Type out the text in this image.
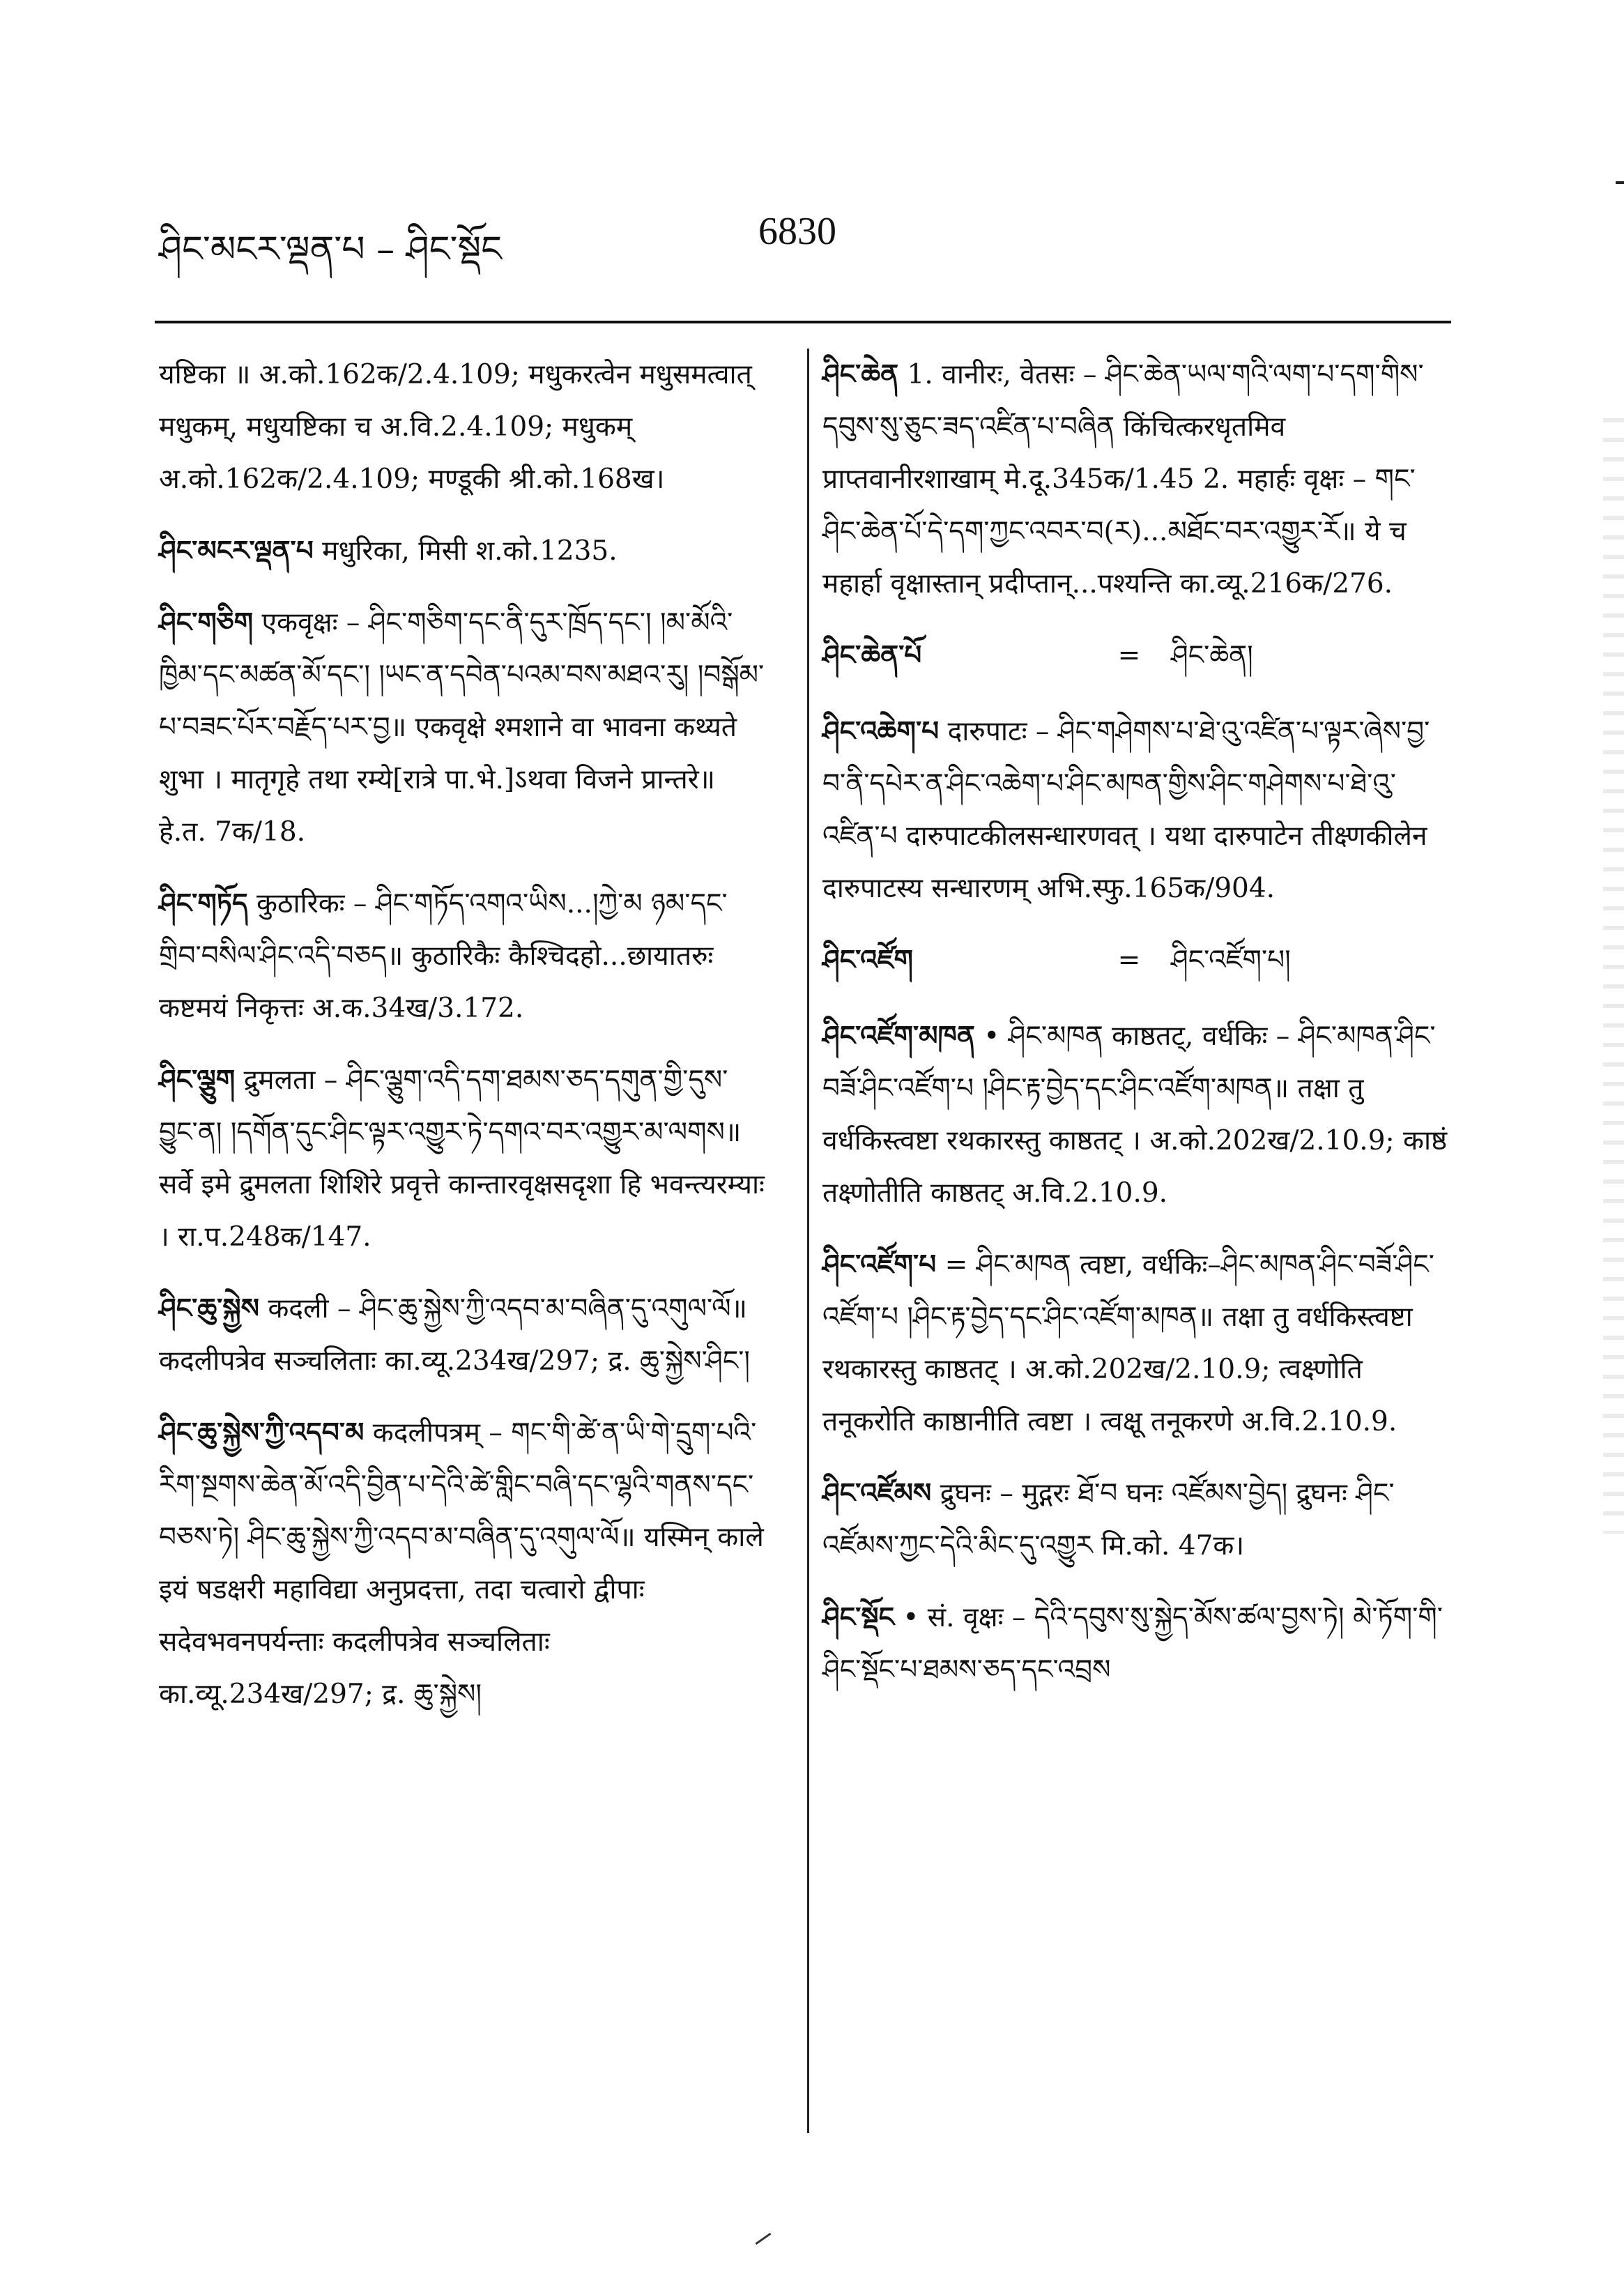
ཤིང་མངར་ལྡན་པ – ཤིང་སྡོང	6830

यष्टिका ॥ अ.को.162क/2.4.109; मधुकरत्वेन मधुसमत्वात् मधुकम्, मधुयष्टिका च अ.वि.2.4.109; मधुकम् अ.को.162क/2.4.109; मण्डूकी श्री.को.168ख।

ཤིང་མངར་ལྡན་པ मधुरिका, मिसी श.को.1235.

ཤིང་གཅིག एकवृक्षः – ཤིང་གཅིག་དང་ནི་དུར་ཁྲོད་དང་། །མ་མོའི་ཁྱིམ་དང་མཚན་མོ་དང་། །ཡང་ན་དབེན་པའམ་བས་མཐའ་རུ། །བསྒོམ་པ་བཟང་པོར་བརྗོད་པར་བྱ॥ एकवृक्षे श्मशाने वा भावना कथ्यते शुभा । मातृगृहे तथा रम्ये[रात्रे पा.भे.]ऽथवा विजने प्रान्तरे॥ हे.त. 7क/18.

ཤིང་གཏོད कुठारिकः – ཤིང་གཏོད་འགའ་ཡིས...།ཀྱེ་མ ཉམ་དང་གྲིབ་བསིལ་ཤིང་འདི་བཅད॥ कुठारिकैः कैश्चिदहो...छायातरुः कष्टमयं निकृत्तः अ.क.34ख/3.172.

ཤིང་ལྕུག द्रुमलता – ཤིང་ལྕུག་འདི་དག་ཐམས་ཅད་དགུན་གྱི་དུས་བྱུང་ན། །དགོན་དུང་ཤིང་ལྟར་འགྱུར་ཏེ་དགའ་བར་འགྱུར་མ་ལགས॥ सर्वे इमे द्रुमलता शिशिरे प्रवृत्ते कान्तारवृक्षसदृशा हि भवन्त्यरम्याः । रा.प.248क/147.

ཤིང་ཆུ་སྐྱེས कदली – ཤིང་ཆུ་སྐྱེས་ཀྱི་འདབ་མ་བཞིན་དུ་འགུལ་ལོ॥ कदलीपत्रेव सञ्चलिताः का.व्यू.234ख/297; द्र. ཆུ་སྐྱེས་ཤིང་།

ཤིང་ཆུ་སྐྱེས་ཀྱི་འདབ་མ कदलीपत्रम् – གང་གི་ཚེ་ན་ཡི་གེ་དྲུག་པའི་རིག་སྔགས་ཆེན་མོ་འདི་བྱིན་པ་དེའི་ཚེ་གླིང་བཞི་དང་ལྷའི་གནས་དང་བཅས་ཏེ། ཤིང་ཆུ་སྐྱེས་ཀྱི་འདབ་མ་བཞིན་དུ་འགུལ་ལོ॥ यस्मिन् काले इयं षडक्षरी महाविद्या अनुप्रदत्ता, तदा चत्वारो द्वीपाः सदेवभवनपर्यन्ताः कदलीपत्रेव सञ्चलिताः का.व्यू.234ख/297; द्र. ཆུ་སྐྱེས།

ཤིང་ཆེན 1. वानीरः, वेतसः – ཤིང་ཆེན་ཡལ་གའི་ལག་པ་དག་གིས་དབུས་སུ་ཅུང་ཟད་འཛིན་པ་བཞིན किंचित्करधृतमिव प्राप्तवानीरशाखाम् मे.दू.345क/1.45 2. महार्हः वृक्षः – གང་ཤིང་ཆེན་པོ་དེ་དག་ཀྱང་འབར་བ(ར)...མཐོང་བར་འགྱུར་རོ॥ ये च महार्हा वृक्षास्तान् प्रदीप्तान्...पश्यन्ति का.व्यू.216क/276.

ཤིང་ཆེན་པོ	=	ཤིང་ཆེན།

ཤིང་འཆེག་པ दारुपाटः – ཤིང་གཤེགས་པ་ཐེ་འུ་འཛིན་པ་ལྟར་ཞེས་བྱ་བ་ནི་དཔེར་ན་ཤིང་འཆེག་པ་ཤིང་མཁན་གྱིས་ཤིང་གཤེགས་པ་ཐེ་འུ་འཛིན་པ दारुपाटकीलसन्धारणवत् । यथा दारुपाटेन तीक्ष्णकीलेन दारुपाटस्य सन्धारणम् अभि.स्फु.165क/904.

ཤིང་འཛོག	=	ཤིང་འཛོག་པ།

ཤིང་འཛོག་མཁན • ཤིང་མཁན काष्ठतट्, वर्धकिः – ཤིང་མཁན་ཤིང་བཟོ་ཤིང་འཛོག་པ །ཤིང་རྟ་བྱེད་དང་ཤིང་འཛོག་མཁན॥ तक्षा तु वर्धकिस्त्वष्टा रथकारस्तु काष्ठतट् । अ.को.202ख/2.10.9; काष्ठं तक्ष्णोतीति काष्ठतट् अ.वि.2.10.9.

ཤིང་འཛོག་པ = ཤིང་མཁན त्वष्टा, वर्धकिः–ཤིང་མཁན་ཤིང་བཟོ་ཤིང་འཛོག་པ །ཤིང་རྟ་བྱེད་དང་ཤིང་འཛོག་མཁན॥ तक्षा तु वर्धकिस्त्वष्टा रथकारस्तु काष्ठतट् । अ.को.202ख/2.10.9; त्वक्ष्णोति तनूकरोति काष्ठानीति त्वष्टा । त्वक्षू तनूकरणे अ.वि.2.10.9.

ཤིང་འཛོམས द्रुघनः – मुद्गरः ཐོ་བ घनः འཛོམས་བྱེད། द्रुघनः ཤིང་འཛོམས་ཀྱང་དེའི་མིང་དུ་འགྱུར मि.को. 47क।

ཤིང་སྡོང • सं. वृक्षः – དེའི་དབུས་སུ་སྐྱེད་མོས་ཚལ་བྱས་ཏེ། མེ་ཏོག་གི་ཤིང་སྡོང་པ་ཐམས་ཅད་དང་འབྲས
